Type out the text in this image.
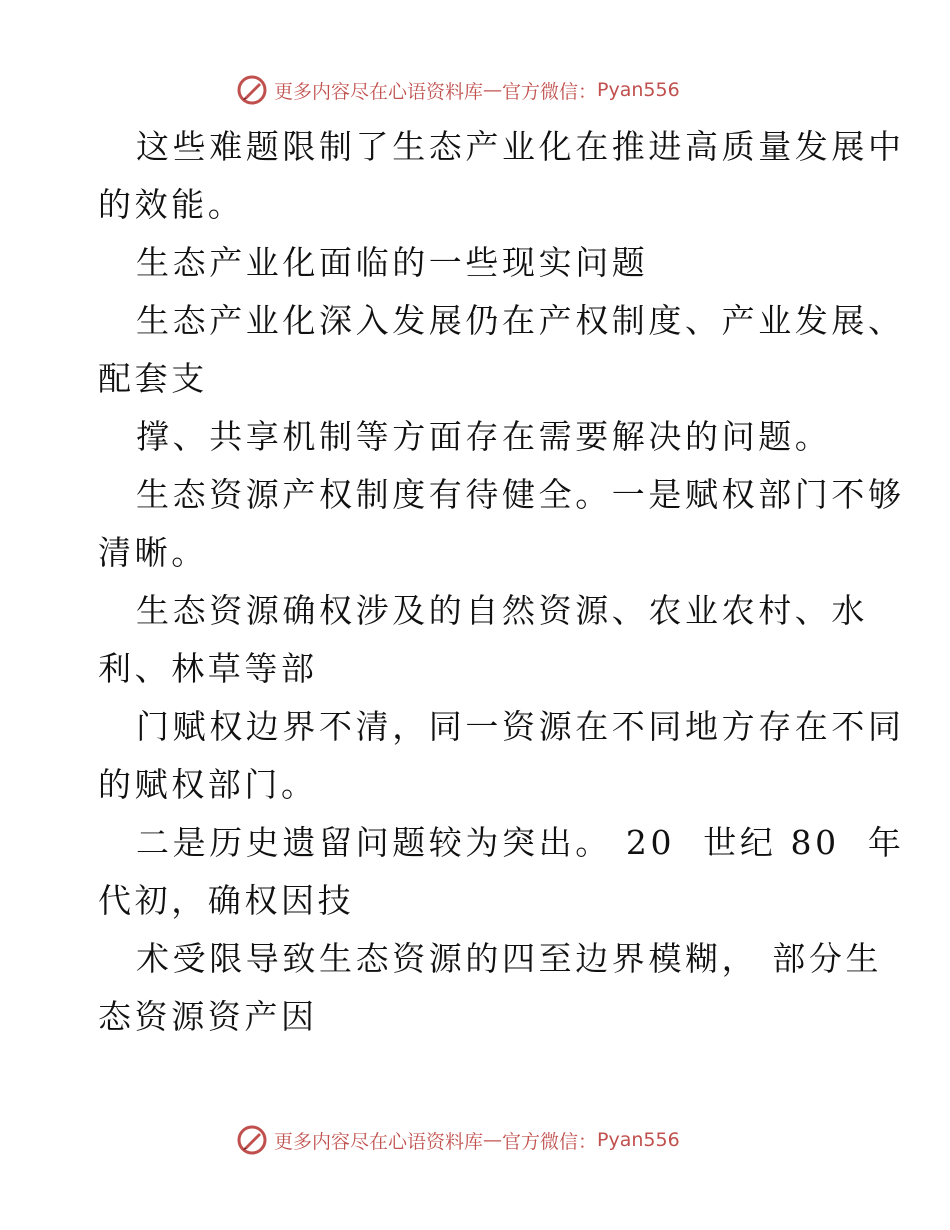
更多内容尽在心语资料库 — 官方微信： Pyan556
这些难题限制了生态产业化在推进高质量发展中
的效能。
生态产业化面临的一些现实问题
生态产业化深入发展仍在产权制度、产业发展、
配套支
撑、共享机制等方面存在需要解决的问题。
生态资源产权制度有待健全。一是赋权部门不够
清晰。
生态资源确权涉及的自然资源、农业农村、水
利、林草等部
门赋权边界不清，同一资源在不同地方存在不同
的赋权部门。
二是历史遗留问题较为突出。 20  世纪 80  年
代初，确权因技
术受限导致生态资源的四至边界模糊， 部分生
态资源资产因
更多内容尽在心语资料库 — 官方微信： Pyan556
